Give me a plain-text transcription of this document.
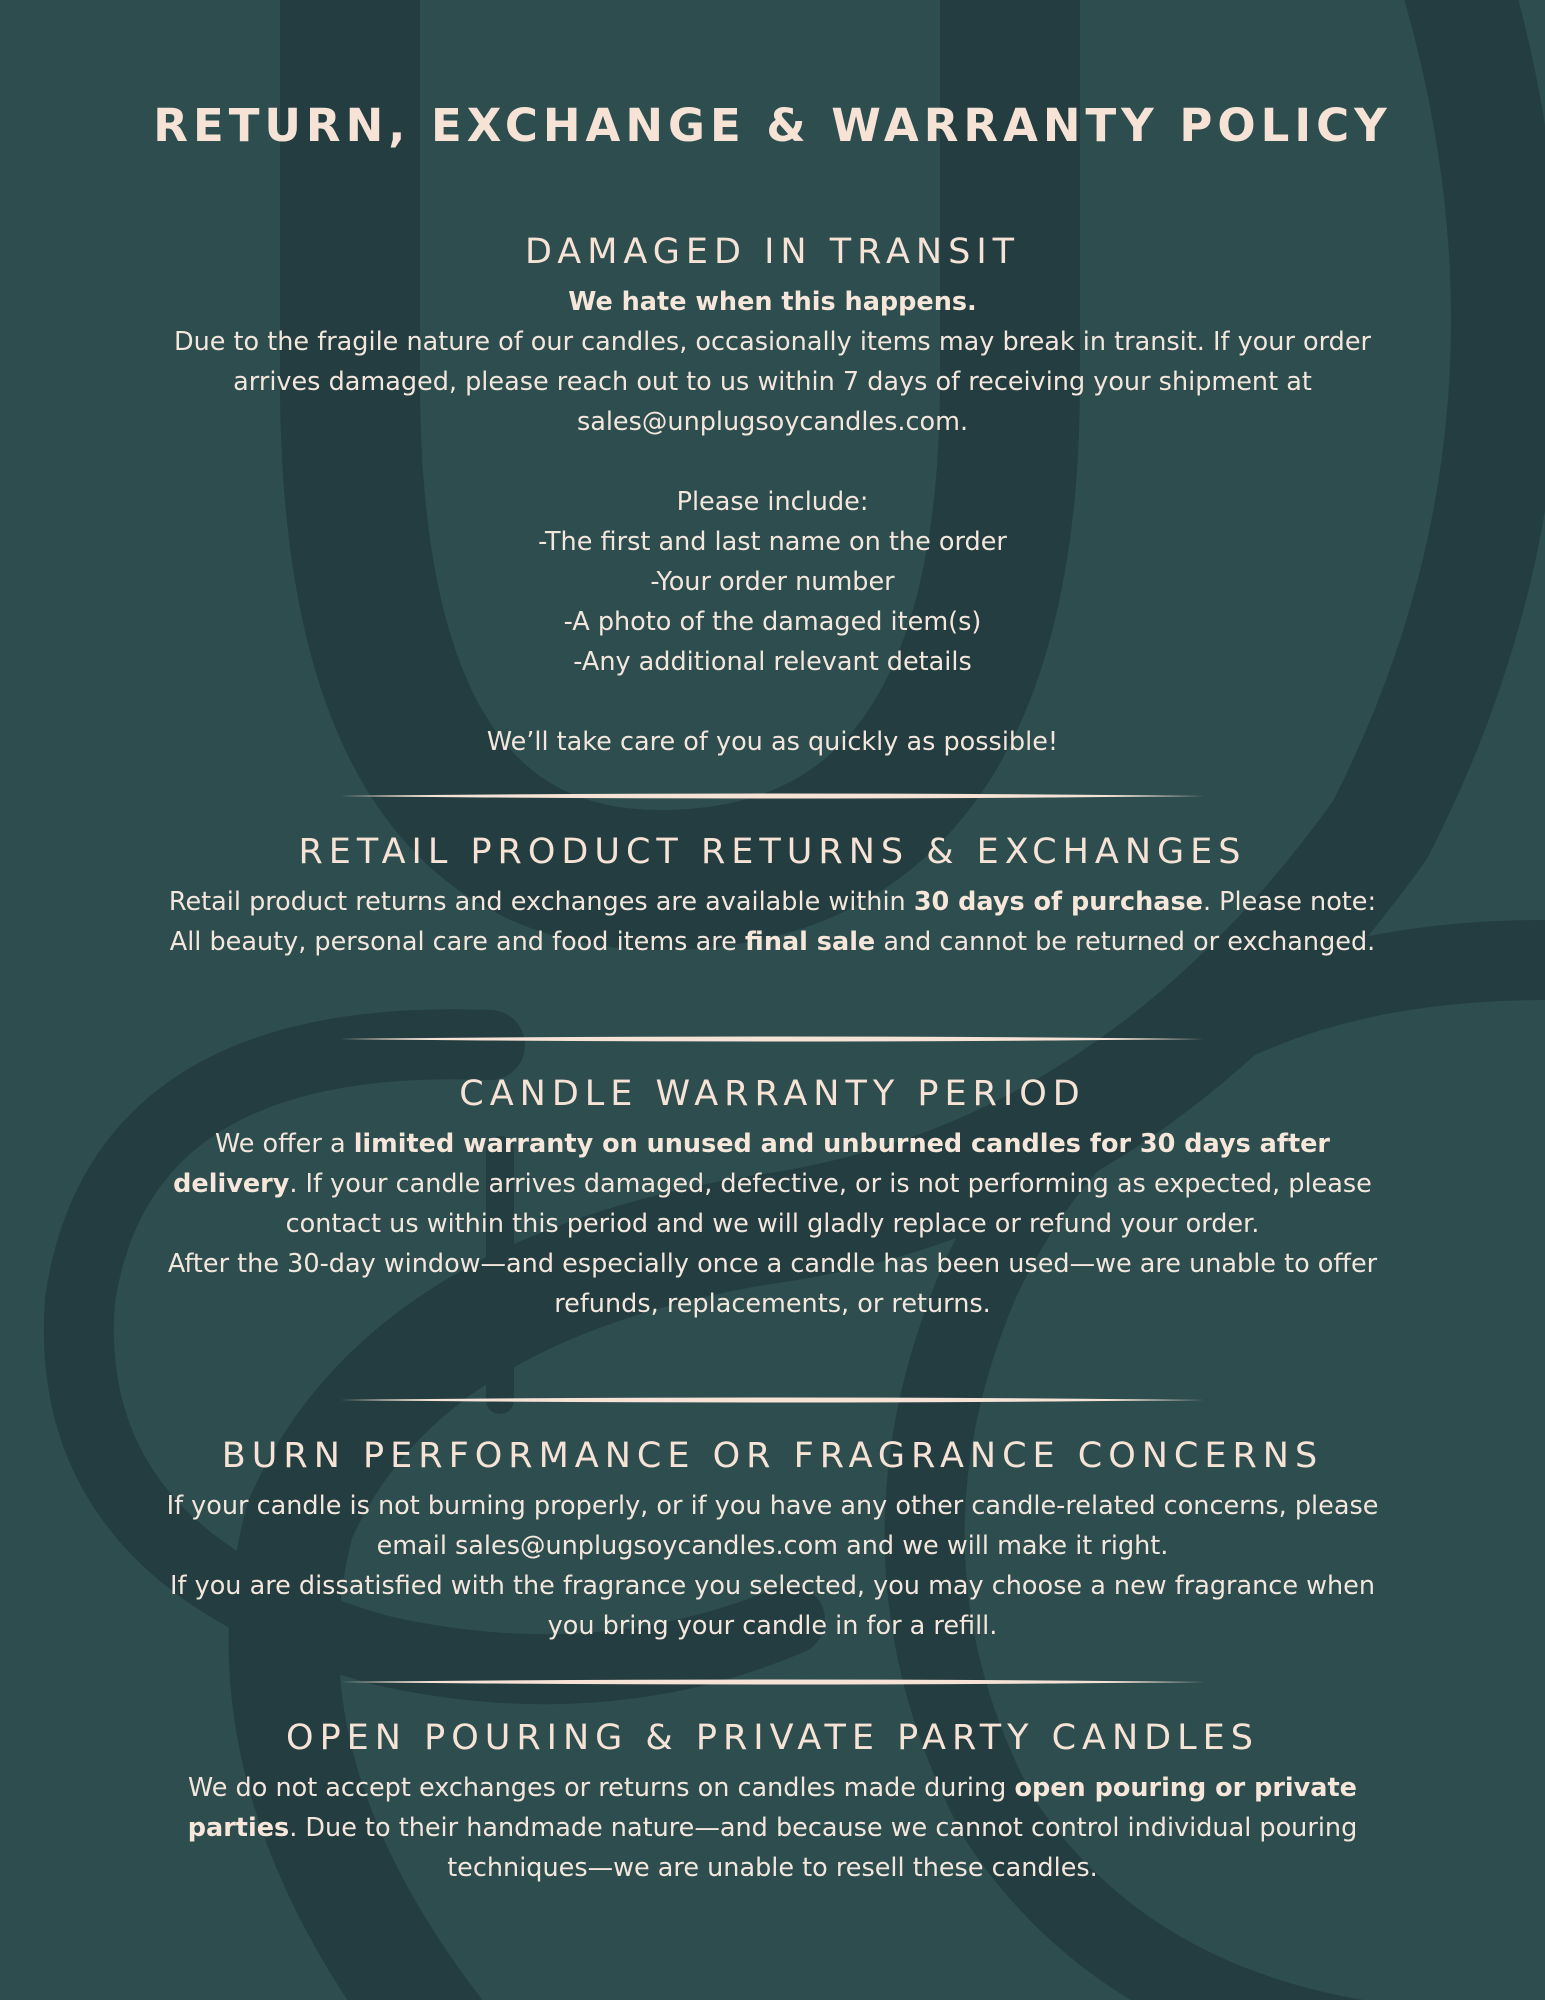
RETURN, EXCHANGE & WARRANTY POLICY
DAMAGED IN TRANSIT
We hate when this happens.
Due to the fragile nature of our candles, occasionally items may break in transit. If your order arrives damaged, please reach out to us within 7 days of receiving your shipment at sales@unplugsoycandles.com.
Please include:
-The first and last name on the order
-Your order number
-A photo of the damaged item(s)
-Any additional relevant details
We’ll take care of you as quickly as possible!
RETAIL PRODUCT RETURNS & EXCHANGES

Retail product returns and exchanges are available within 30 days of purchase. Please note: All beauty, personal care and food items are final sale and cannot be returned or exchanged.

CANDLE WARRANTY PERIOD

We offer a limited warranty on unused and unburned candles for 30 days after delivery. If your candle arrives damaged, defective, or is not performing as expected, please contact us within this period and we will gladly replace or refund your order.

After the 30-day window—and especially once a candle has been used—we are unable to offer refunds, replacements, or returns.

BURN PERFORMANCE OR FRAGRANCE CONCERNS

If your candle is not burning properly, or if you have any other candle-related concerns, please email sales@unplugsoycandles.com and we will make it right.

If you are dissatisfied with the fragrance you selected, you may choose a new fragrance when you bring your candle in for a refill.

OPEN POURING & PRIVATE PARTY CANDLES

We do not accept exchanges or returns on candles made during open pouring or private parties. Due to their handmade nature—and because we cannot control individual pouring techniques—we are unable to resell these candles.
